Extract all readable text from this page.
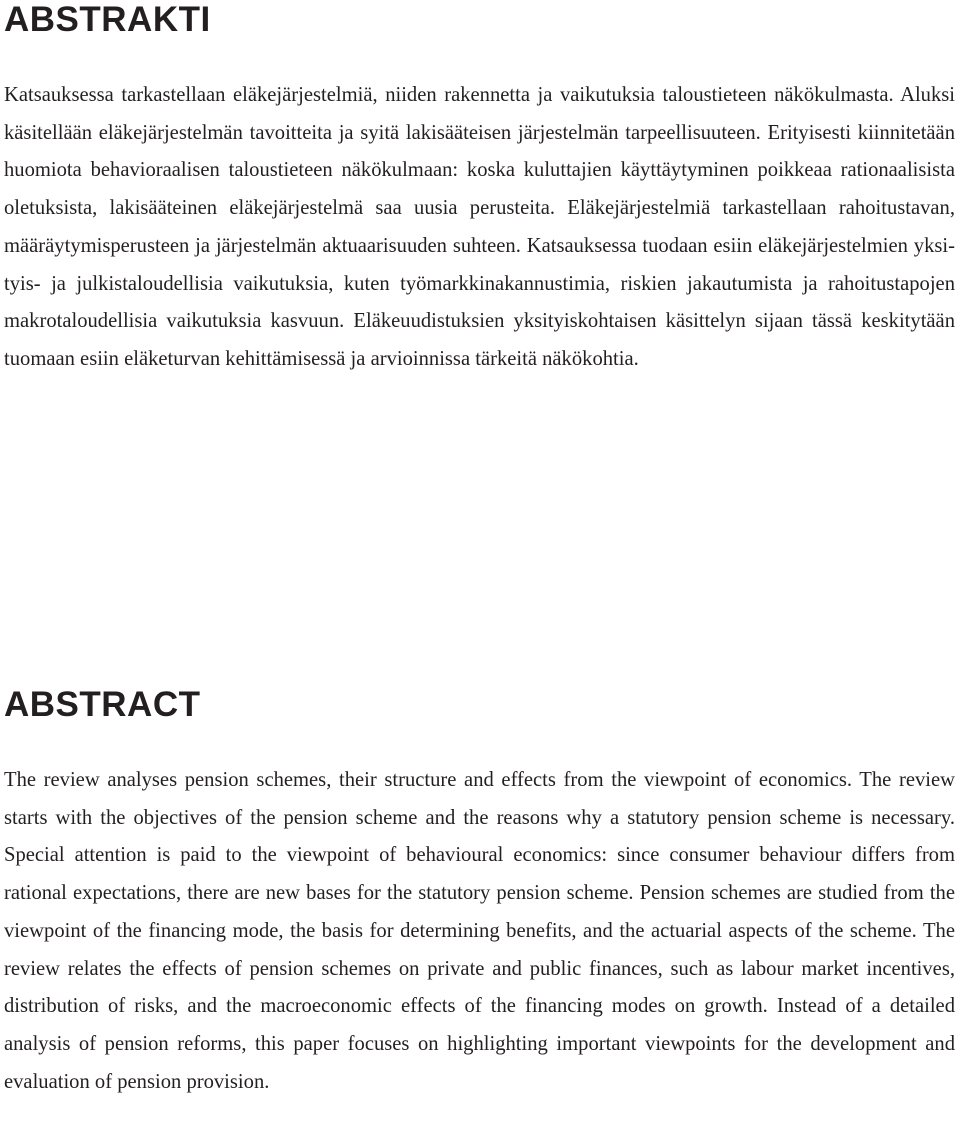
ABSTRAKTI

Katsauksessa tarkastellaan eläkejärjestelmiä, niiden rakennetta ja vaikutuksia taloustieteen näkökulmasta. Aluksi käsitellään eläkejärjestelmän tavoitteita ja syitä lakisääteisen järjestelmän tarpeellisuuteen. Erityisesti kiinnitetään huomiota behavioraalisen taloustieteen näkökulmaan: koska kuluttajien käyttäytyminen poikkeaa rationaalisista oletuksista, lakisääteinen eläkejärjestelmä saa uusia perusteita. Eläkejärjestelmiä tarkastellaan rahoitustavan, määräytymisperusteen ja järjestelmän aktuaarisuuden suhteen. Katsauksessa tuodaan esiin eläkejärjestelmien yksityis- ja julkistaloudellisia vaikutuksia, kuten työmarkkinakannustimia, riskien jakautumista ja rahoitustapojen makrotaloudellisia vaikutuksia kasvuun. Eläkeuudistuksien yksityiskohtaisen käsittelyn sijaan tässä keskitytään tuomaan esiin eläketurvan kehittämisessä ja arvioinnissa tärkeitä näkökohtia.

ABSTRACT

The review analyses pension schemes, their structure and effects from the viewpoint of economics. The review starts with the objectives of the pension scheme and the reasons why a statutory pension scheme is necessary. Special attention is paid to the viewpoint of behavioural economics: since consumer behaviour differs from rational expectations, there are new bases for the statutory pension scheme. Pension schemes are studied from the viewpoint of the financing mode, the basis for determining benefits, and the actuarial aspects of the scheme. The review relates the effects of pension schemes on private and public finances, such as labour market incentives, distribution of risks, and the macroeconomic effects of the financing modes on growth. Instead of a detailed analysis of pension reforms, this paper focuses on highlighting important viewpoints for the development and evaluation of pension provision.
